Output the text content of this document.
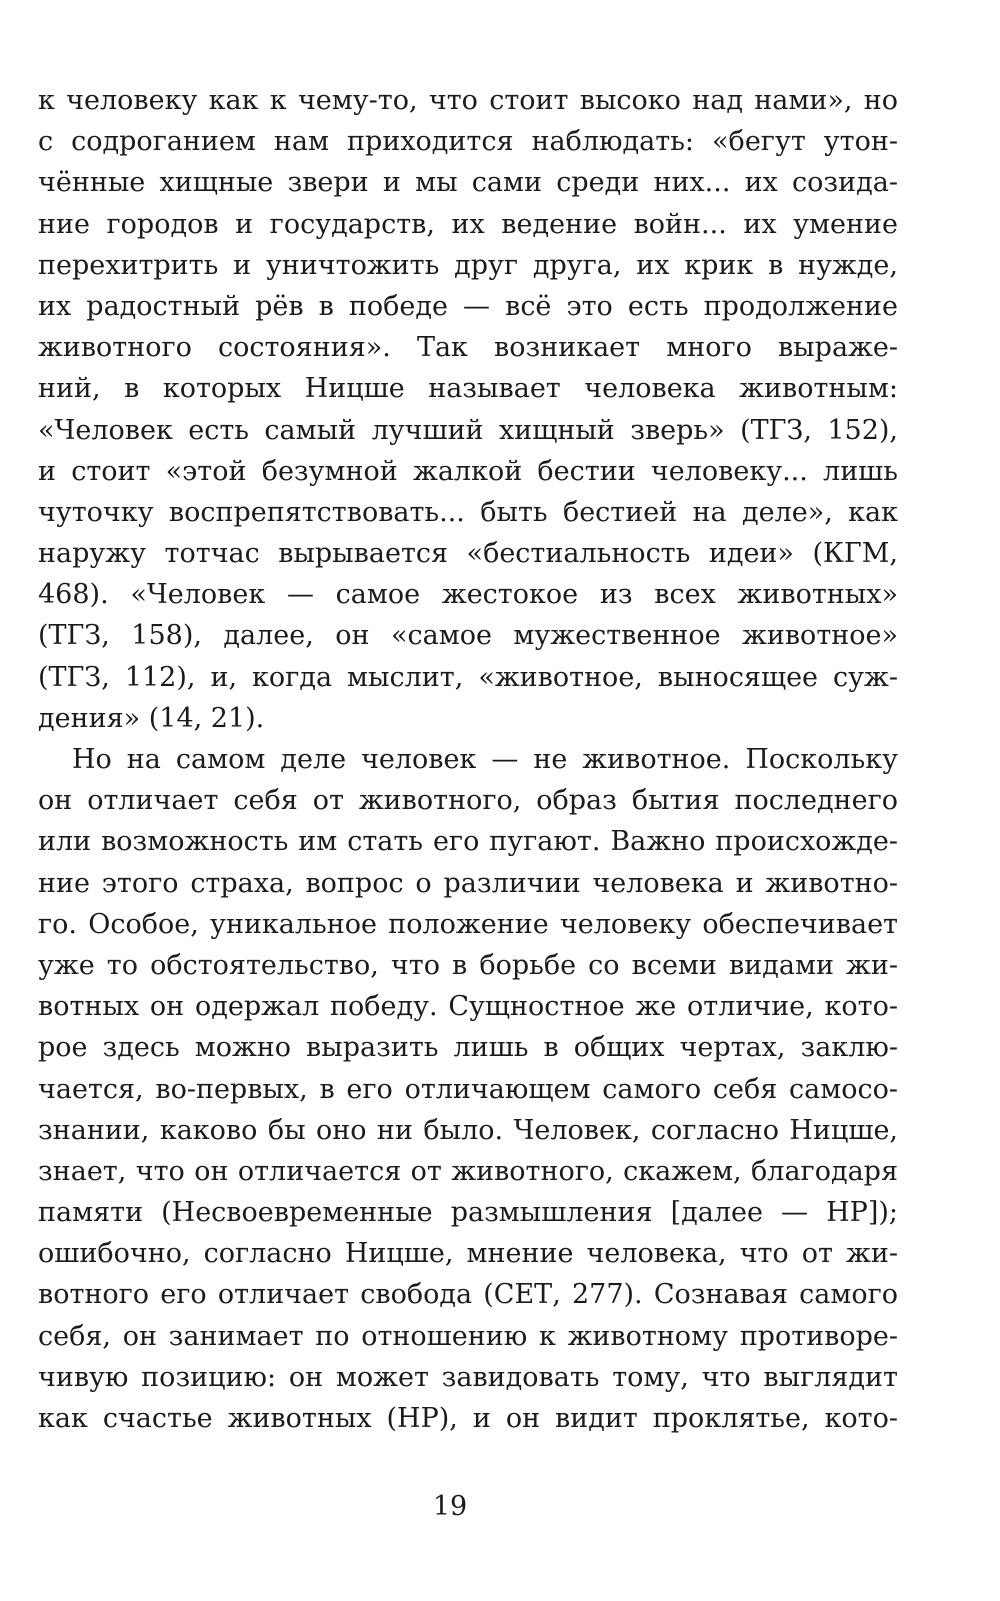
к человеку как к чему-то, что стоит высоко над нами», но
с содроганием нам приходится наблюдать: «бегут утон-
чённые хищные звери и мы сами среди них... их созида-
ние городов и государств, их ведение войн... их умение
перехитрить и уничтожить друг друга, их крик в нужде,
их радостный рёв в победе — всё это есть продолжение
животного состояния». Так возникает много выраже-
ний, в которых Ницше называет человека животным:
«Человек есть самый лучший хищный зверь» (ТГЗ, 152),
и стоит «этой безумной жалкой бестии человеку... лишь
чуточку воспрепятствовать... быть бестией на деле», как
наружу тотчас вырывается «бестиальность идеи» (КГМ,
468). «Человек — самое жестокое из всех животных»
(ТГЗ, 158), далее, он «самое мужественное животное»
(ТГЗ, 112), и, когда мыслит, «животное, выносящее суж-
дения» (14, 21).
Но на самом деле человек — не животное. Поскольку
он отличает себя от животного, образ бытия последнего
или возможность им стать его пугают. Важно происхожде-
ние этого страха, вопрос о различии человека и животно-
го. Особое, уникальное положение человеку обеспечивает
уже то обстоятельство, что в борьбе со всеми видами жи-
вотных он одержал победу. Сущностное же отличие, кото-
рое здесь можно выразить лишь в общих чертах, заклю-
чается, во-первых, в его отличающем самого себя самосо-
знании, каково бы оно ни было. Человек, согласно Ницше,
знает, что он отличается от животного, скажем, благодаря
памяти (Несвоевременные размышления [далее — НР]);
ошибочно, согласно Ницше, мнение человека, что от жи-
вотного его отличает свобода (СЕТ, 277). Сознавая самого
себя, он занимает по отношению к животному противоре-
чивую позицию: он может завидовать тому, что выглядит
как счастье животных (НР), и он видит проклятье, кото-
19
